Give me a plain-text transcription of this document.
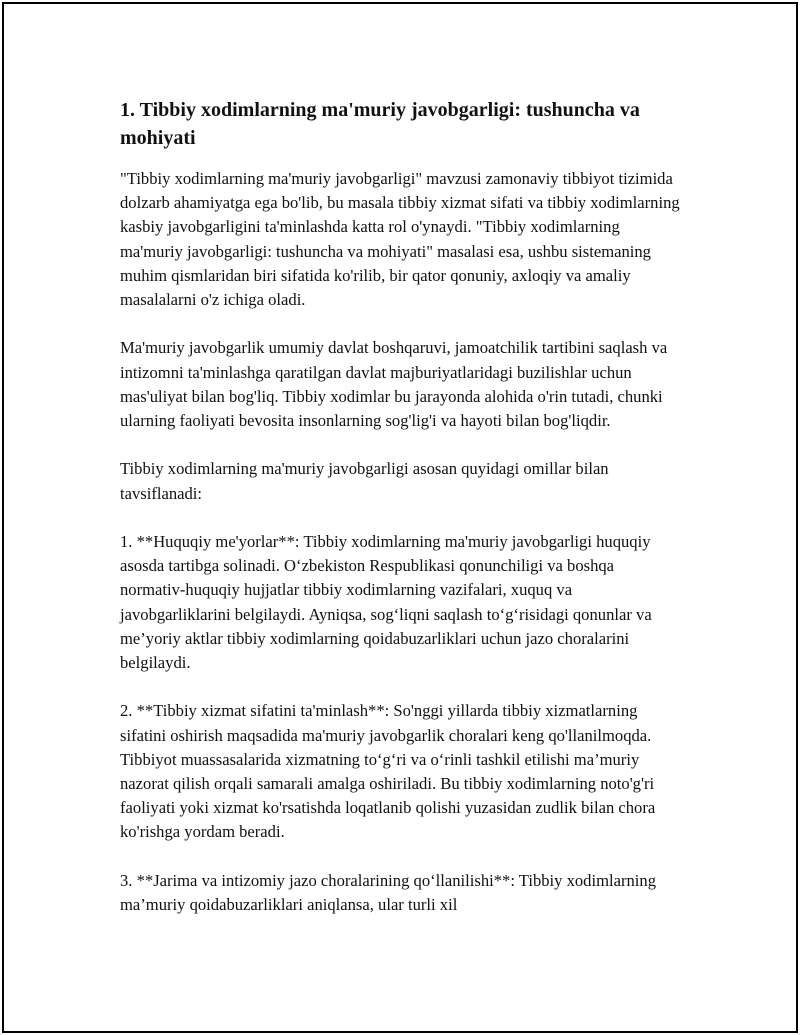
1. Tibbiy xodimlarning ma'muriy javobgarligi: tushuncha va mohiyati

"Tibbiy xodimlarning ma'muriy javobgarligi" mavzusi zamonaviy tibbiyot tizimida dolzarb ahamiyatga ega bo'lib, bu masala tibbiy xizmat sifati va tibbiy xodimlarning kasbiy javobgarligini ta'minlashda katta rol o'ynaydi. "Tibbiy xodimlarning ma'muriy javobgarligi: tushuncha va mohiyati" masalasi esa, ushbu sistemaning muhim qismlaridan biri sifatida ko'rilib, bir qator qonuniy, axloqiy va amaliy masalalarni o'z ichiga oladi.

Ma'muriy javobgarlik umumiy davlat boshqaruvi, jamoatchilik tartibini saqlash va intizomni ta'minlashga qaratilgan davlat majburiyatlaridagi buzilishlar uchun mas'uliyat bilan bog'liq. Tibbiy xodimlar bu jarayonda alohida o'rin tutadi, chunki ularning faoliyati bevosita insonlarning sog'lig'i va hayoti bilan bog'liqdir.

Tibbiy xodimlarning ma'muriy javobgarligi asosan quyidagi omillar bilan tavsiflanadi:

1. **Huquqiy me'yorlar**: Tibbiy xodimlarning ma'muriy javobgarligi huquqiy asosda tartibga solinadi. O‘zbekiston Respublikasi qonunchiligi va boshqa normativ-huquqiy hujjatlar tibbiy xodimlarning vazifalari, xuquq va javobgarliklarini belgilaydi. Ayniqsa, sog‘liqni saqlash to‘g‘risidagi qonunlar va me’yoriy aktlar tibbiy xodimlarning qoidabuzarliklari uchun jazo choralarini belgilaydi.

2. **Tibbiy xizmat sifatini ta'minlash**: So'nggi yillarda tibbiy xizmatlarning sifatini oshirish maqsadida ma'muriy javobgarlik choralari keng qo'llanilmoqda. Tibbiyot muassasalarida xizmatning to‘g‘ri va o‘rinli tashkil etilishi ma’muriy nazorat qilish orqali samarali amalga oshiriladi. Bu tibbiy xodimlarning noto'g'ri faoliyati yoki xizmat ko'rsatishda loqatlanib qolishi yuzasidan zudlik bilan chora ko'rishga yordam beradi.

3. **Jarima va intizomiy jazo choralarining qo‘llanilishi**: Tibbiy xodimlarning ma’muriy qoidabuzarliklari aniqlansa, ular turli xil
